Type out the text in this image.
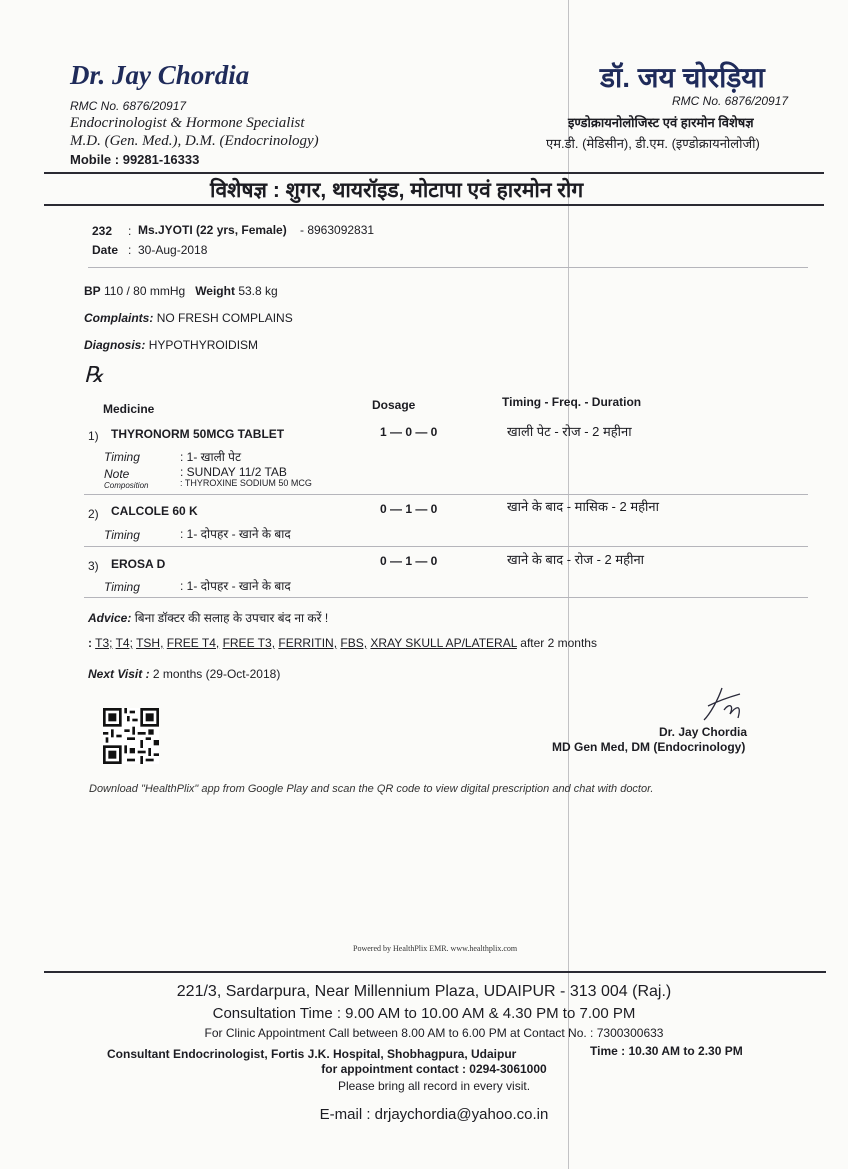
Dr. Jay Chordia
RMC No. 6876/20917
Endocrinologist & Hormone Specialist
M.D. (Gen. Med.), D.M. (Endocrinology)
Mobile : 99281-16333
डॉ. जय चोरड़िया
RMC No. 6876/20917
इण्डोक्रायनोलोजिस्ट एवं हारमोन विशेषज्ञ
एम.डी. (मेडिसीन), डी.एम. (इण्डोक्रायनोलोजी)
विशेषज्ञ : शुगर, थायरॉइड, मोटापा एवं हारमोन रोग
232 : Ms.JYOTI (22 yrs, Female) - 8963092831
Date : 30-Aug-2018
BP 110 / 80 mmHg Weight 53.8 kg
Complaints: NO FRESH COMPLAINS
Diagnosis: HYPOTHYROIDISM
℞
Medicine	Dosage	Timing - Freq. - Duration
1) THYRONORM 50MCG TABLET	1 — 0 — 0	खाली पेट - रोज - 2 महीना
Timing	: 1- खाली पेट
Note	: SUNDAY 11/2 TAB
Composition	: THYROXINE SODIUM 50 MCG
2) CALCOLE 60 K	0 — 1 — 0	खाने के बाद - मासिक - 2 महीना
Timing	: 1- दोपहर - खाने के बाद
3) EROSA D	0 — 1 — 0	खाने के बाद - रोज - 2 महीना
Timing	: 1- दोपहर - खाने के बाद
Advice: बिना डॉक्टर की सलाह के उपचार बंद ना करें !
: T3; T4; TSH, FREE T4, FREE T3, FERRITIN, FBS, XRAY SKULL AP/LATERAL after 2 months
Next Visit : 2 months (29-Oct-2018)
Dr. Jay Chordia
MD Gen Med, DM (Endocrinology)
Download "HealthPlix" app from Google Play and scan the QR code to view digital prescription and chat with doctor.
Powered by HealthPlix EMR. www.healthplix.com
221/3, Sardarpura, Near Millennium Plaza, UDAIPUR - 313 004 (Raj.)
Consultation Time : 9.00 AM to 10.00 AM & 4.30 PM to 7.00 PM
For Clinic Appointment Call between 8.00 AM to 6.00 PM at Contact No. : 7300300633
Consultant Endocrinologist, Fortis J.K. Hospital, Shobhagpura, Udaipur	Time : 10.30 AM to 2.30 PM
for appointment contact : 0294-3061000
Please bring all record in every visit.
E-mail : drjaychordia@yahoo.co.in
